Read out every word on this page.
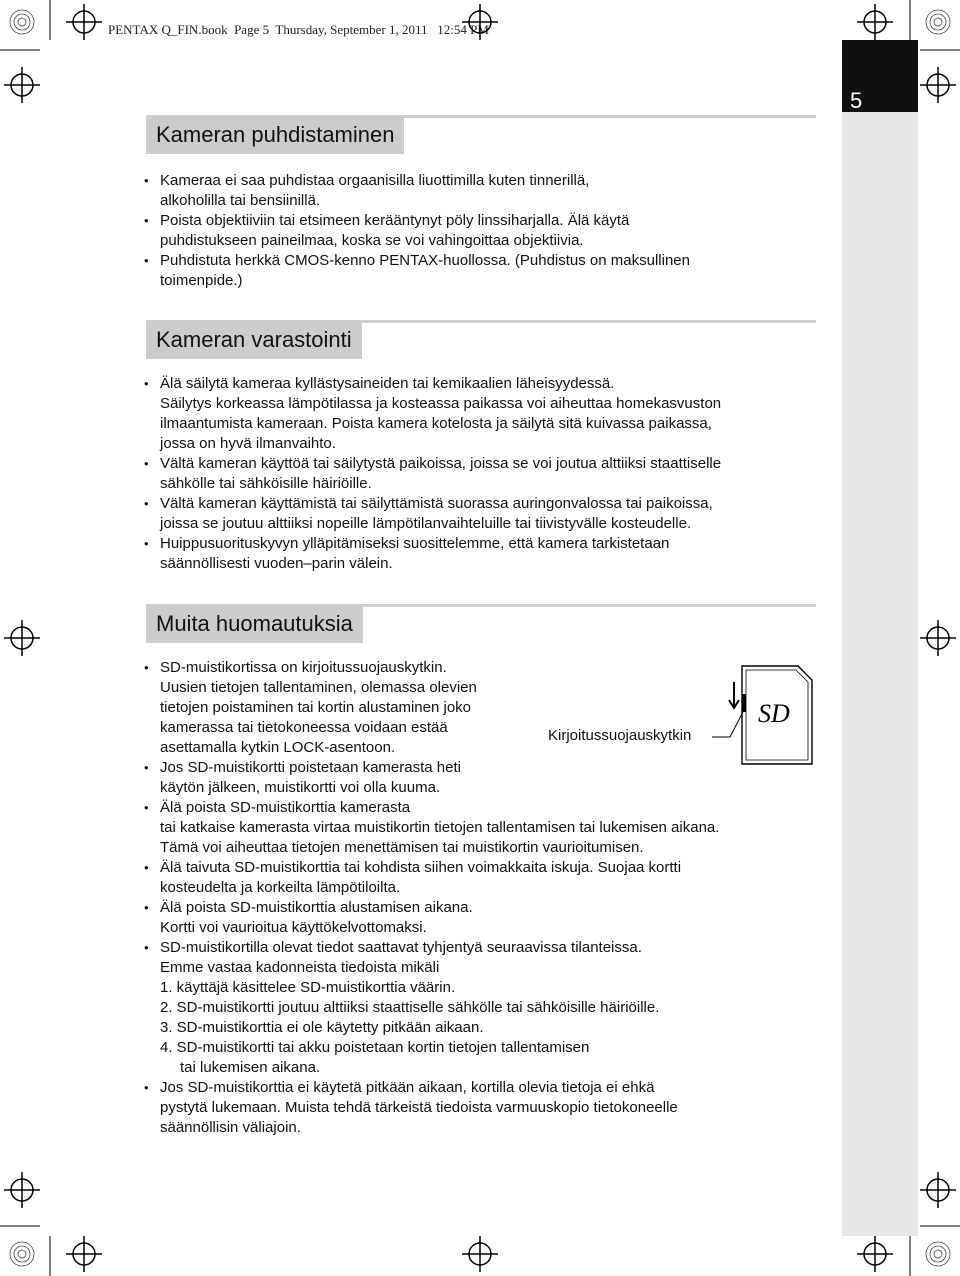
PENTAX Q_FIN.book Page 5 Thursday, September 1, 2011 12:54 PM
5
Kameran puhdistaminen
• Kameraa ei saa puhdistaa orgaanisilla liuottimilla kuten tinnerillä,
alkoholilla tai bensiinillä.
• Poista objektiiviin tai etsimeen kerääntynyt pöly linssiharjalla. Älä käytä
puhdistukseen paineilmaa, koska se voi vahingoittaa objektiivia.
• Puhdistuta herkkä CMOS-kenno PENTAX-huollossa. (Puhdistus on maksullinen
toimenpide.)
Kameran varastointi
• Älä säilytä kameraa kyllästysaineiden tai kemikaalien läheisyydessä.
Säilytys korkeassa lämpötilassa ja kosteassa paikassa voi aiheuttaa homekasvuston
ilmaantumista kameraan. Poista kamera kotelosta ja säilytä sitä kuivassa paikassa,
jossa on hyvä ilmanvaihto.
• Vältä kameran käyttöä tai säilytystä paikoissa, joissa se voi joutua alttiiksi staattiselle
sähkölle tai sähköisille häiriöille.
• Vältä kameran käyttämistä tai säilyttämistä suorassa auringonvalossa tai paikoissa,
joissa se joutuu alttiiksi nopeille lämpötilanvaihteluille tai tiivistyvälle kosteudelle.
• Huippusuorituskyvyn ylläpitämiseksi suosittelemme, että kamera tarkistetaan
säännöllisesti vuoden–parin välein.
Muita huomautuksia
• SD-muistikortissa on kirjoitussuojauskytkin.
Uusien tietojen tallentaminen, olemassa olevien
tietojen poistaminen tai kortin alustaminen joko
kamerassa tai tietokoneessa voidaan estää
asettamalla kytkin LOCK-asentoon.
• Jos SD-muistikortti poistetaan kamerasta heti
käytön jälkeen, muistikortti voi olla kuuma.
• Älä poista SD-muistikorttia kamerasta
tai katkaise kamerasta virtaa muistikortin tietojen tallentamisen tai lukemisen aikana.
Tämä voi aiheuttaa tietojen menettämisen tai muistikortin vaurioitumisen.
• Älä taivuta SD-muistikorttia tai kohdista siihen voimakkaita iskuja. Suojaa kortti
kosteudelta ja korkeilta lämpötiloilta.
• Älä poista SD-muistikorttia alustamisen aikana.
Kortti voi vaurioitua käyttökelvottomaksi.
• SD-muistikortilla olevat tiedot saattavat tyhjentyä seuraavissa tilanteissa.
Emme vastaa kadonneista tiedoista mikäli
1. käyttäjä käsittelee SD-muistikorttia väärin.
2. SD-muistikortti joutuu alttiiksi staattiselle sähkölle tai sähköisille häiriöille.
3. SD-muistikorttia ei ole käytetty pitkään aikaan.
4. SD-muistikortti tai akku poistetaan kortin tietojen tallentamisen
tai lukemisen aikana.
• Jos SD-muistikorttia ei käytetä pitkään aikaan, kortilla olevia tietoja ei ehkä
pystytä lukemaan. Muista tehdä tärkeistä tiedoista varmuuskopio tietokoneelle
säännöllisin väliajoin.
Kirjoitussuojauskytkin
SD
